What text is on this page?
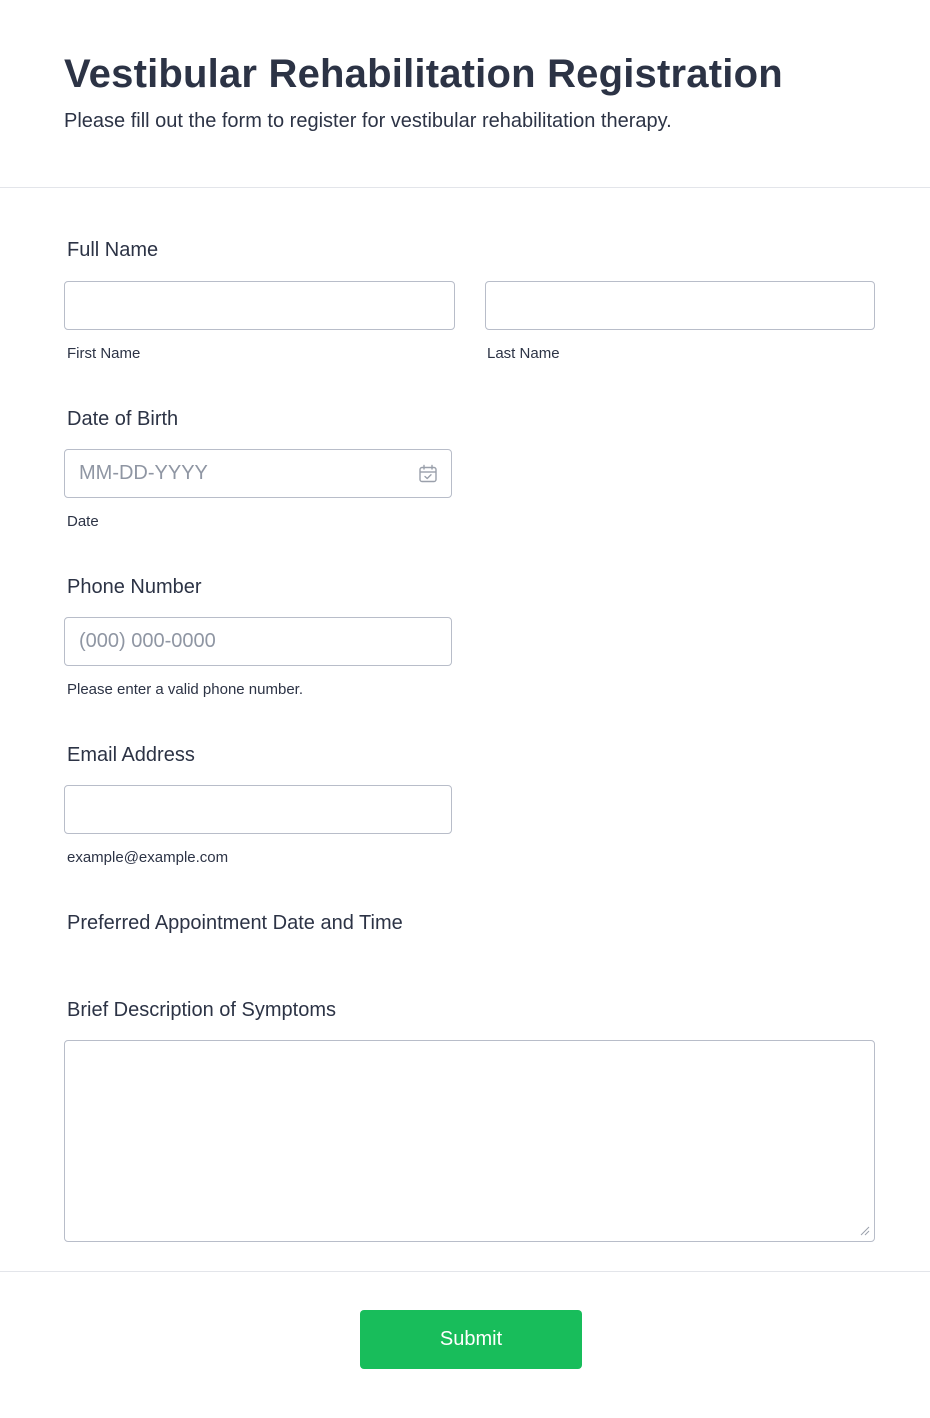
Vestibular Rehabilitation Registration

Please fill out the form to register for vestibular rehabilitation therapy.

Full Name

First Name	Last Name

Date of Birth

MM-DD-YYYY
Date

Phone Number

(000) 000-0000
Please enter a valid phone number.

Email Address

example@example.com

Preferred Appointment Date and Time

Brief Description of Symptoms

Submit
